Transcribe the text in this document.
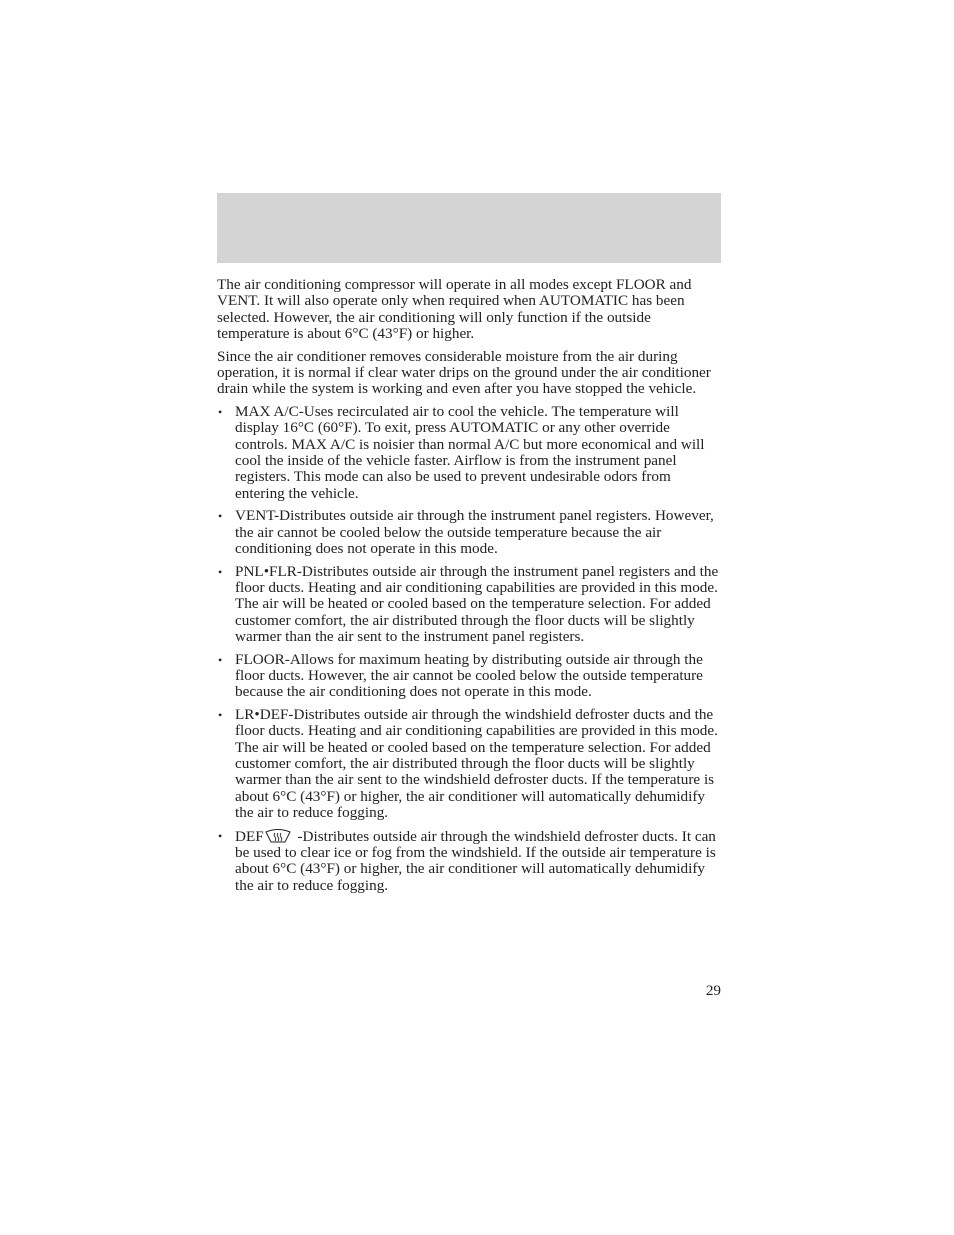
The air conditioning compressor will operate in all modes except FLOOR and VENT. It will also operate only when required when AUTOMATIC has been selected. However, the air conditioning will only function if the outside temperature is about 6°C (43°F) or higher.

Since the air conditioner removes considerable moisture from the air during operation, it is normal if clear water drips on the ground under the air conditioner drain while the system is working and even after you have stopped the vehicle.

• MAX A/C-Uses recirculated air to cool the vehicle. The temperature will display 16°C (60°F). To exit, press AUTOMATIC or any other override controls. MAX A/C is noisier than normal A/C but more economical and will cool the inside of the vehicle faster. Airflow is from the instrument panel registers. This mode can also be used to prevent undesirable odors from entering the vehicle.
• VENT-Distributes outside air through the instrument panel registers. However, the air cannot be cooled below the outside temperature because the air conditioning does not operate in this mode.
• PNL•FLR-Distributes outside air through the instrument panel registers and the floor ducts. Heating and air conditioning capabilities are provided in this mode. The air will be heated or cooled based on the temperature selection. For added customer comfort, the air distributed through the floor ducts will be slightly warmer than the air sent to the instrument panel registers.
• FLOOR-Allows for maximum heating by distributing outside air through the floor ducts. However, the air cannot be cooled below the outside temperature because the air conditioning does not operate in this mode.
• LR•DEF-Distributes outside air through the windshield defroster ducts and the floor ducts. Heating and air conditioning capabilities are provided in this mode. The air will be heated or cooled based on the temperature selection. For added customer comfort, the air distributed through the floor ducts will be slightly warmer than the air sent to the windshield defroster ducts. If the temperature is about 6°C (43°F) or higher, the air conditioner will automatically dehumidify the air to reduce fogging.
• DEF -Distributes outside air through the windshield defroster ducts. It can be used to clear ice or fog from the windshield. If the outside air temperature is about 6°C (43°F) or higher, the air conditioner will automatically dehumidify the air to reduce fogging.
29
